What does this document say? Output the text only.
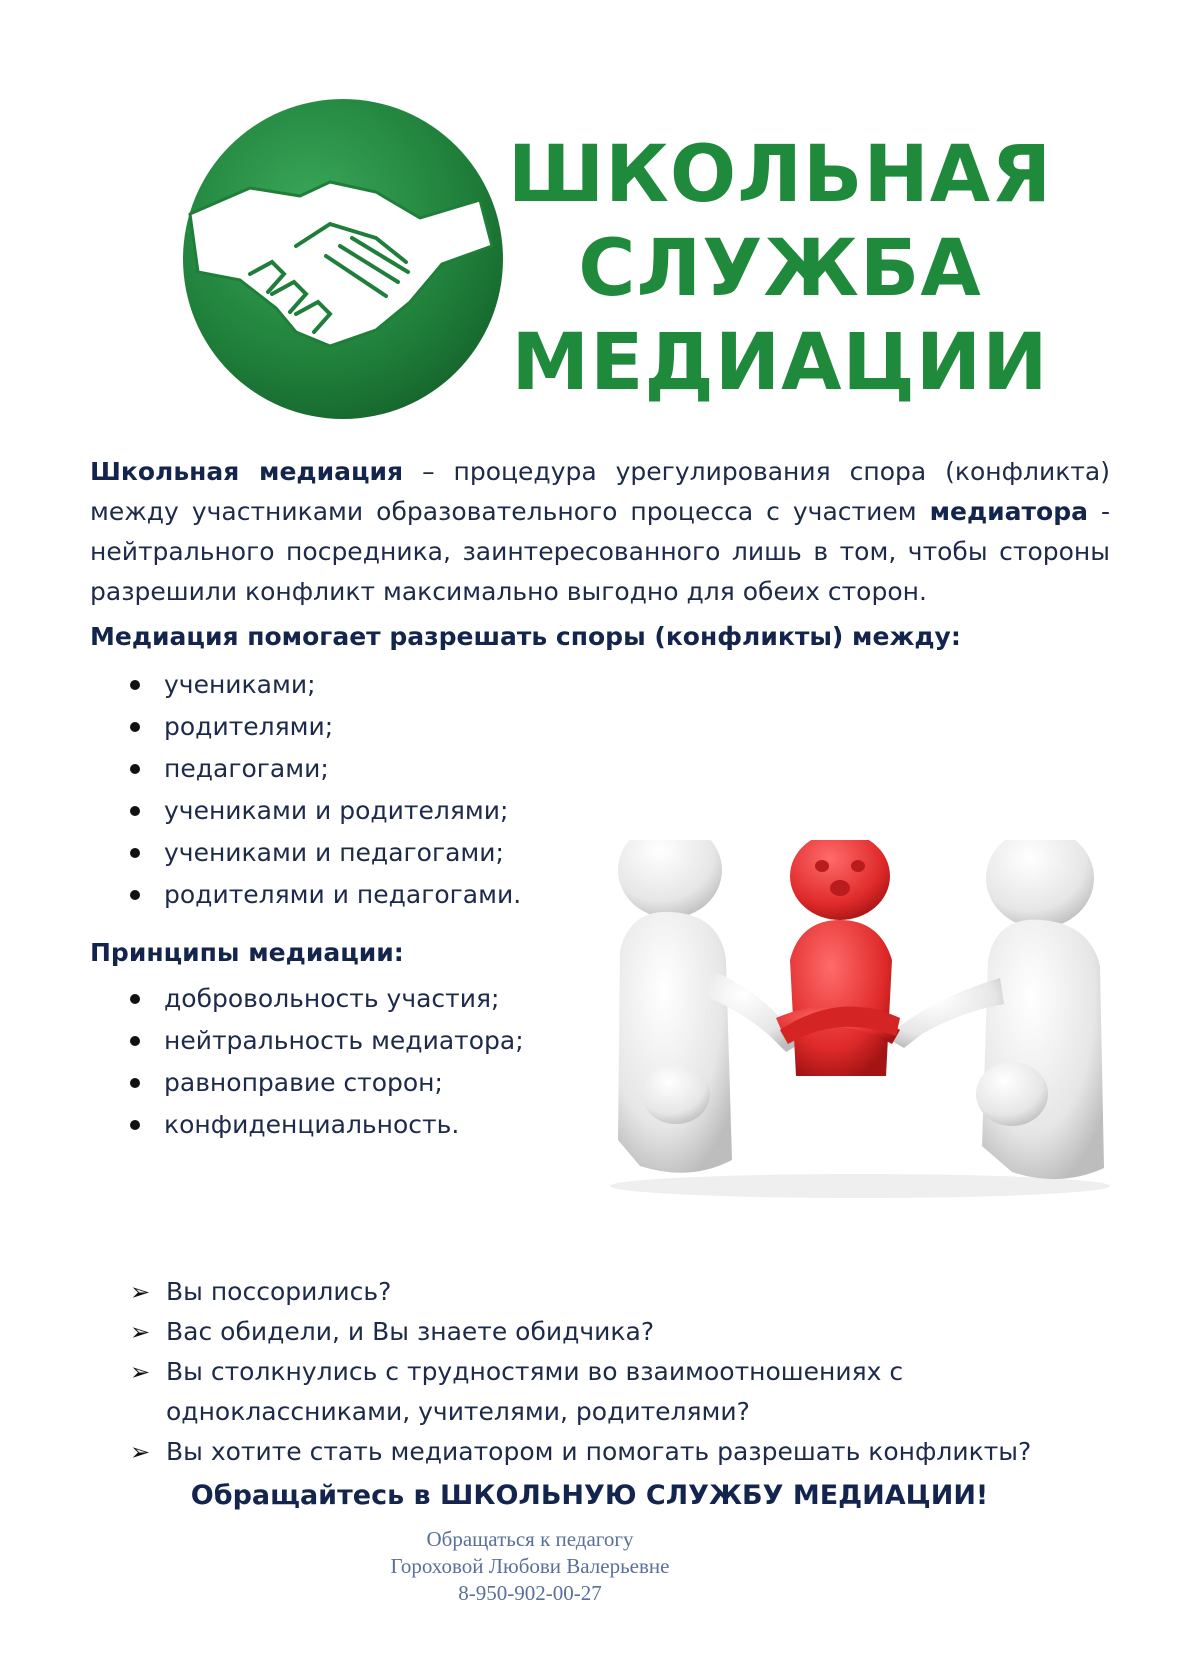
ШКОЛЬНАЯ
СЛУЖБА
МЕДИАЦИИ
Школьная медиация – процедура урегулирования спора (конфликта) между участниками образовательного процесса с участием медиатора - нейтрального посредника, заинтересованного лишь в том, чтобы стороны разрешили конфликт максимально выгодно для обеих сторон.
Медиация помогает разрешать споры (конфликты) между:
учениками;
родителями;
педагогами;
учениками и родителями;
учениками и педагогами;
родителями и педагогами.
Принципы медиации:
добровольность участия;
нейтральность медиатора;
равноправие сторон;
конфиденциальность.
➢ Вы поссорились?
➢ Вас обидели, и Вы знаете обидчика?
➢ Вы столкнулись с трудностями во взаимоотношениях с одноклассниками, учителями, родителями?
➢ Вы хотите стать медиатором и помогать разрешать конфликты?
Обращайтесь в ШКОЛЬНУЮ СЛУЖБУ МЕДИАЦИИ!
Обращаться к педагогу
Гороховой Любови Валерьевне
8-950-902-00-27
